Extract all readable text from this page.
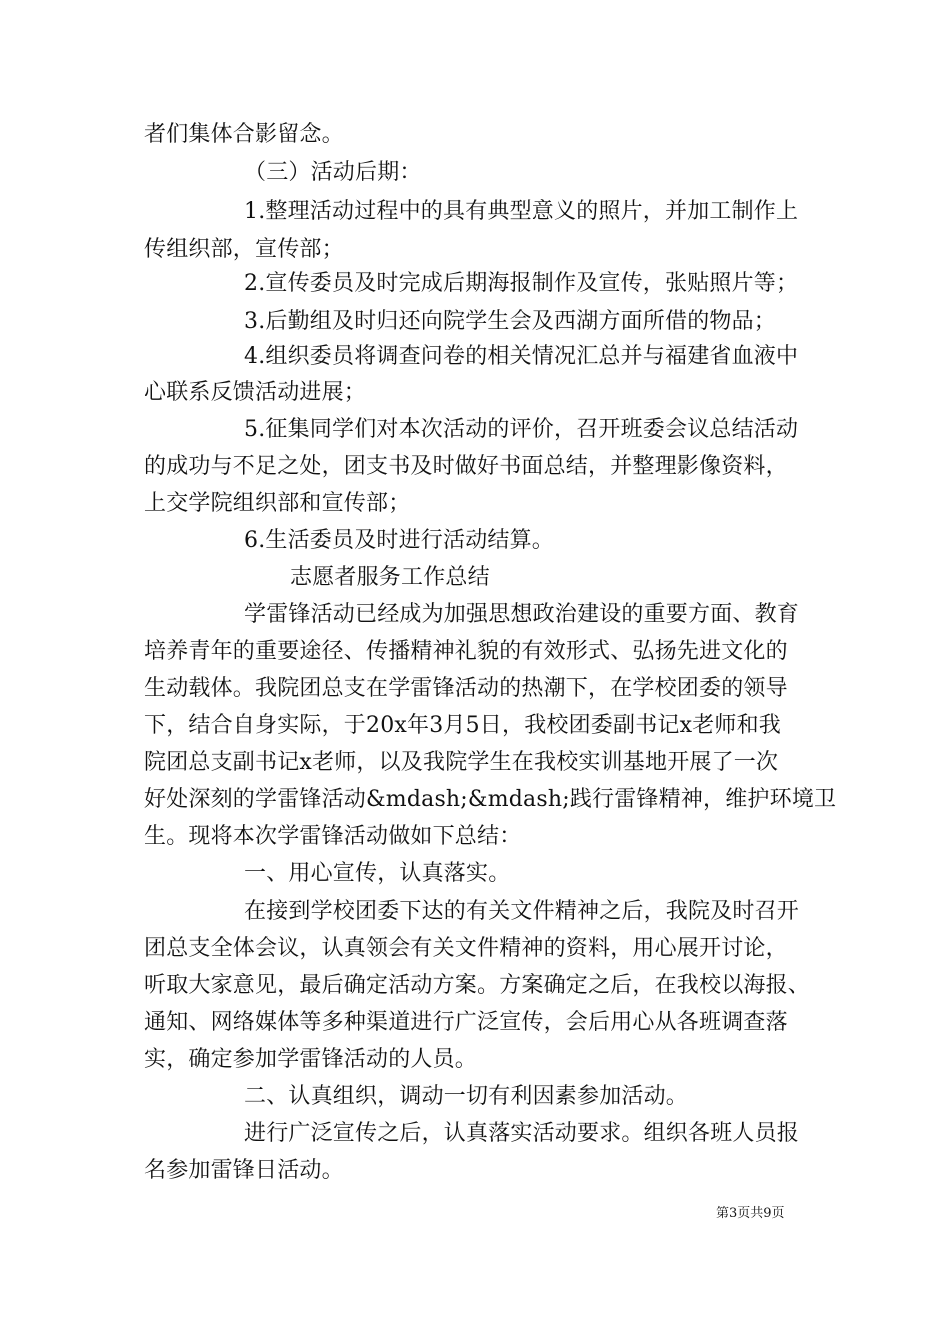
者们集体合影留念。
（三）活动后期：
1.整理活动过程中的具有典型意义的照片，并加工制作上
传组织部，宣传部；
2.宣传委员及时完成后期海报制作及宣传，张贴照片等；
3.后勤组及时归还向院学生会及西湖方面所借的物品；
4.组织委员将调查问卷的相关情况汇总并与福建省血液中
心联系反馈活动进展；
5.征集同学们对本次活动的评价，召开班委会议总结活动
的成功与不足之处，团支书及时做好书面总结，并整理影像资料，
上交学院组织部和宣传部；
6.生活委员及时进行活动结算。
志愿者服务工作总结
学雷锋活动已经成为加强思想政治建设的重要方面、教育
培养青年的重要途径、传播精神礼貌的有效形式、弘扬先进文化的
生动载体。我院团总支在学雷锋活动的热潮下，在学校团委的领导
下，结合自身实际，于20x年3月5日，我校团委副书记x老师和我
院团总支副书记x老师，以及我院学生在我校实训基地开展了一次
好处深刻的学雷锋活动&mdash;&mdash;践行雷锋精神，维护环境卫
生。现将本次学雷锋活动做如下总结：
一、用心宣传，认真落实。
在接到学校团委下达的有关文件精神之后，我院及时召开
团总支全体会议，认真领会有关文件精神的资料，用心展开讨论，
听取大家意见，最后确定活动方案。方案确定之后，在我校以海报、
通知、网络媒体等多种渠道进行广泛宣传，会后用心从各班调查落
实，确定参加学雷锋活动的人员。
二、认真组织，调动一切有利因素参加活动。
进行广泛宣传之后，认真落实活动要求。组织各班人员报
名参加雷锋日活动。
第3页共9页
